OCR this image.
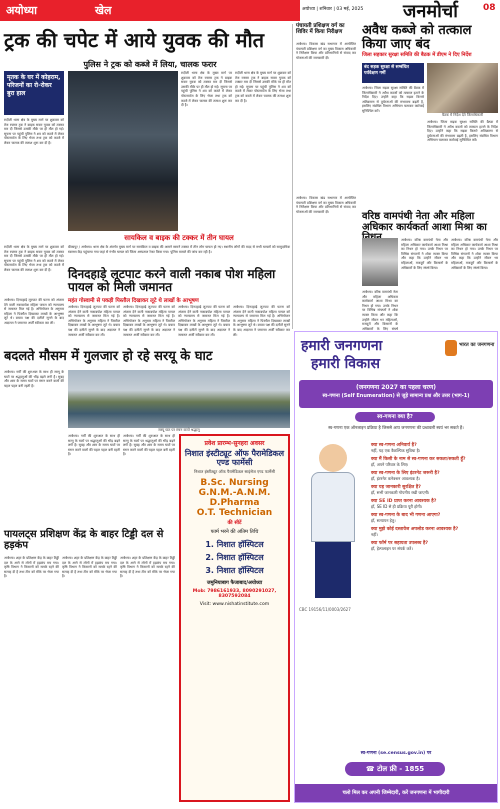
अयोध्या	खेल	अयोध्या | शनिवार | 03 मई, 2025 जनमोर्चा	08
ट्रक की चपेट में आये युवक की मौत
पुलिस ने ट्रक को कब्जे में लिया, चालक फरार
मृतक के घर में कोहराम, परिजनों का रो-रोकर बुरा हाल
रुदौली थाना क्षेत्र के मुख्य मार्ग पर शुक्रवार को तेज रफ्तार ट्रक ने बाइक सवार युवक को टक्कर मार दी जिससे उसकी मौके पर ही मौत हो गई। सूचना पर पहुंची पुलिस ने शव को कब्जे में लेकर पोस्टमार्टम के लिए भेजा तथा ट्रक को कब्जे में लेकर चालक की तलाश शुरू कर दी है।
रुदौली थाना क्षेत्र के मुख्य मार्ग पर शुक्रवार को तेज रफ्तार ट्रक ने बाइक सवार युवक को टक्कर मार दी जिससे उसकी मौके पर ही मौत हो गई। सूचना पर पहुंची पुलिस ने शव को कब्जे में लेकर पोस्टमार्टम के लिए भेजा तथा ट्रक को कब्जे में लेकर चालक की तलाश शुरू कर दी है।
रुदौली थाना क्षेत्र के मुख्य मार्ग पर शुक्रवार को तेज रफ्तार ट्रक ने बाइक सवार युवक को टक्कर मार दी जिससे उसकी मौके पर ही मौत हो गई। सूचना पर पहुंची पुलिस ने शव को कब्जे में लेकर पोस्टमार्टम के लिए भेजा तथा ट्रक को कब्जे में लेकर चालक की तलाश शुरू कर दी है।
सायकिल व बाइक की टक्कर में तीन घायल
बीकापुर / अयोध्या। थाना क्षेत्र के अंतर्गत मुख्य मार्ग पर सायकिल व बाइक की आमने सामने टक्कर में तीन लोग घायल हो गए। स्थानीय लोगों की मदद से सभी घायलों को सामुदायिक स्वास्थ्य केंद्र पहुंचाया गया जहां से गंभीर घायल को जिला अस्पताल रेफर किया गया। पुलिस मामले की जांच कर रही है।
रुदौली थाना क्षेत्र के मुख्य मार्ग पर शुक्रवार को तेज रफ्तार ट्रक ने बाइक सवार युवक को टक्कर मार दी जिससे उसकी मौके पर ही मौत हो गई। सूचना पर पहुंची पुलिस ने शव को कब्जे में लेकर पोस्टमार्टम के लिए भेजा तथा ट्रक को कब्जे में लेकर चालक की तलाश शुरू कर दी है।	दिनदहाड़े लूटपाट करने वाली नकाब पोश महिला पायल को मिली जमानत
महंत गोस्वामी से पकड़ी पिस्तौल दिखाकर लूटे थे लाखों के आभूषण
अयोध्या। दिनदहाड़े लूटपाट की घटना को अंजाम देने वाली नकाबपोश महिला पायल को न्यायालय से जमानत मिल गई है। अभियोजन के अनुसार महिला ने पिस्तौल दिखाकर लाखों के आभूषण लूटे थे। बचाव पक्ष की दलीलें सुनने के बाद अदालत ने जमानत अर्जी स्वीकार कर ली।
अयोध्या। दिनदहाड़े लूटपाट की घटना को अंजाम देने वाली नकाबपोश महिला पायल को न्यायालय से जमानत मिल गई है। अभियोजन के अनुसार महिला ने पिस्तौल दिखाकर लाखों के आभूषण लूटे थे। बचाव पक्ष की दलीलें सुनने के बाद अदालत ने जमानत अर्जी स्वीकार कर ली।
अयोध्या। दिनदहाड़े लूटपाट की घटना को अंजाम देने वाली नकाबपोश महिला पायल को न्यायालय से जमानत मिल गई है। अभियोजन के अनुसार महिला ने पिस्तौल दिखाकर लाखों के आभूषण लूटे थे। बचाव पक्ष की दलीलें सुनने के बाद अदालत ने जमानत अर्जी स्वीकार कर ली।
अयोध्या। दिनदहाड़े लूटपाट की घटना को अंजाम देने वाली नकाबपोश महिला पायल को न्यायालय से जमानत मिल गई है। अभियोजन के अनुसार महिला ने पिस्तौल दिखाकर लाखों के आभूषण लूटे थे। बचाव पक्ष की दलीलें सुनने के बाद अदालत ने जमानत अर्जी स्वीकार कर ली।
अयोध्या। दिनदहाड़े लूटपाट की घटना को अंजाम देने वाली नकाबपोश महिला पायल को न्यायालय से जमानत मिल गई है। अभियोजन के अनुसार महिला ने पिस्तौल दिखाकर लाखों के आभूषण लूटे थे। बचाव पक्ष की दलीलें सुनने के बाद अदालत ने जमानत अर्जी स्वीकार कर ली।
बदलते मौसम में गुलजार हो रहे सरयू के घाट
अयोध्या। गर्मी की शुरुआत के साथ ही सरयू के घाटों पर श्रद्धालुओं की भीड़ बढ़ने लगी है। सुबह और शाम के समय घाटों पर स्नान करने वालों की चहल पहल बनी रहती है।
सरयू घाट पर स्नान करते श्रद्धालु
अयोध्या। गर्मी की शुरुआत के साथ ही सरयू के घाटों पर श्रद्धालुओं की भीड़ बढ़ने लगी है। सुबह और शाम के समय घाटों पर स्नान करने वालों की चहल पहल बनी रहती है।
अयोध्या। गर्मी की शुरुआत के साथ ही सरयू के घाटों पर श्रद्धालुओं की भीड़ बढ़ने लगी है। सुबह और शाम के समय घाटों पर स्नान करने वालों की चहल पहल बनी रहती है।
प्रवेश प्रारम्भ-सुनहरा अवसर
निशात इंस्टीट्यूट ऑफ पैरामेडिकल एण्ड फार्मेसी
निशात इंस्टीट्यूट ऑफ पैरामेडिकल साइंसेज एण्ड फार्मेसी
B.Sc. Nursing
G.N.M.-A.N.M.
D.Pharma
O.T. Technician
की सीटें
फार्म भरने की अंतिम तिथि
1. निशात हॉस्पिटल
2. निशात हॉस्पिटल
3. निशात हॉस्पिटल
जमुनियाबाग फैजाबाद/अयोध्या
Mob: 7986161933, 8090291027, 8307592084
Visit: www.nishatinstitute.com
पायलट्स प्रशिक्षण केंद्र के बाहर टिड्डी दल से हड़कंप
अयोध्या। शहर के प्रशिक्षण केंद्र के बाहर टिड्डी दल के आने से लोगों में हड़कंप मच गया। कृषि विभाग ने किसानों को सतर्क रहने की सलाह दी है तथा टीम को मौके पर भेजा गया है।
अयोध्या। शहर के प्रशिक्षण केंद्र के बाहर टिड्डी दल के आने से लोगों में हड़कंप मच गया। कृषि विभाग ने किसानों को सतर्क रहने की सलाह दी है तथा टीम को मौके पर भेजा गया है।
अयोध्या। शहर के प्रशिक्षण केंद्र के बाहर टिड्डी दल के आने से लोगों में हड़कंप मच गया। कृषि विभाग ने किसानों को सतर्क रहने की सलाह दी है तथा टीम को मौके पर भेजा गया है।
पंचायती प्रशिक्षण वर्ग का शिविर में किया निरीक्षण
अयोध्या। विकास खंड सभागार में आयोजित पंचायती प्रशिक्षण वर्ग का मुख्य विकास अधिकारी ने निरीक्षण किया और प्रतिभागियों से संवाद कर योजनाओं की जानकारी दी।
अयोध्या। विकास खंड सभागार में आयोजित पंचायती प्रशिक्षण वर्ग का मुख्य विकास अधिकारी ने निरीक्षण किया और प्रतिभागियों से संवाद कर योजनाओं की जानकारी दी।
अवैध कब्जे को तत्काल किया जाए बंद
जिला सहकार सुरक्षा समिति की बैठक में डीएम ने दिए निर्देश
बंद सड़क सुरक्षा से सम्बंधित पर्यवेक्षण गर्मी
अयोध्या। जिला सड़क सुरक्षा समिति की बैठक में जिलाधिकारी ने अवैध कब्जों को तत्काल हटाने के निर्देश दिए। उन्होंने कहा कि सड़क किनारे अतिक्रमण से दुर्घटनाओं की संभावना बढ़ती है, इसलिए संबंधित विभाग अभियान चलाकर कार्रवाई सुनिश्चित करें।
बैठक में निर्देश देते जिलाधिकारी
अयोध्या। जिला सड़क सुरक्षा समिति की बैठक में जिलाधिकारी ने अवैध कब्जों को तत्काल हटाने के निर्देश दिए। उन्होंने कहा कि सड़क किनारे अतिक्रमण से दुर्घटनाओं की संभावना बढ़ती है, इसलिए संबंधित विभाग अभियान चलाकर कार्रवाई सुनिश्चित करें।
वरिष्ठ वामपंथी नेता और महिला अधिकार कार्यकर्ता आशा मिश्रा का
अयोध्या। वरिष्ठ वामपंथी नेता और महिला अधिकार कार्यकर्ता आशा मिश्रा का निधन हो गया। उनके निधन पर विभिन्न संगठनों ने शोक व्यक्त किया और कहा कि उन्होंने जीवन भर महिलाओं, मजदूरों और किसानों के अधिकारों के लिए संघर्ष
अयोध्या। वरिष्ठ वामपंथी नेता और महिला अधिकार कार्यकर्ता आशा मिश्रा का निधन हो गया। उनके निधन पर विभिन्न संगठनों ने शोक व्यक्त किया और कहा कि उन्होंने जीवन भर महिलाओं, मजदूरों और किसानों के अधिकारों के लिए संघर्ष किया।
अयोध्या। वरिष्ठ वामपंथी नेता और महिला अधिकार कार्यकर्ता आशा मिश्रा का निधन हो गया। उनके निधन पर विभिन्न संगठनों ने शोक व्यक्त किया और कहा कि उन्होंने जीवन भर महिलाओं, मजदूरों और किसानों के अधिकारों के लिए संघर्ष किया।
हमारी जनगणना
हमारी विकास
भारत का जनगणना
(जनगणना 2027 का पहला चरण)
स्व-गणना (Self Enumeration) से जुड़े सामान्य प्रश्न और उत्तर (भाग-1)
स्व-गणना क्या है?
स्व-गणना एक ऑनलाइन प्रक्रिया है जिससे आप जनगणना की प्रश्नावली स्वयं भर सकते हैं।
CBC 19156/11/0003/2627
क्या स्व-गणना अनिवार्य है?
नहीं, यह एक वैकल्पिक सुविधा है।
क्या मैं किसी के नाम से स्व-गणना कर सकता/सकती हूँ?
हाँ, अपने परिवार के लिए।
क्या स्व-गणना के लिए इंटरनेट जरूरी है?
हाँ, इंटरनेट कनेक्शन आवश्यक है।
क्या यह जानकारी सुरक्षित है?
हाँ, सभी जानकारी गोपनीय रखी जाएगी।
क्या SE ID प्राप्त करना आवश्यक है?
हाँ, SE ID से ही प्रक्रिया पूरी होगी।
क्या स्व-गणना के बाद भी गणना आएगा?
हाँ, सत्यापन हेतु।
क्या मुझे कोई दस्तावेज अपलोड करना आवश्यक है?
नहीं।
क्या फॉर्म पर सहायता उपलब्ध है?
हाँ, हेल्पलाइन पर संपर्क करें।
स्व-गणना (se.census.gov.in) पर
☎ टोल फ्री - 1855
चलो मिल कर अपनी जिम्मेदारी, करें जनगणना में भागीदारी
